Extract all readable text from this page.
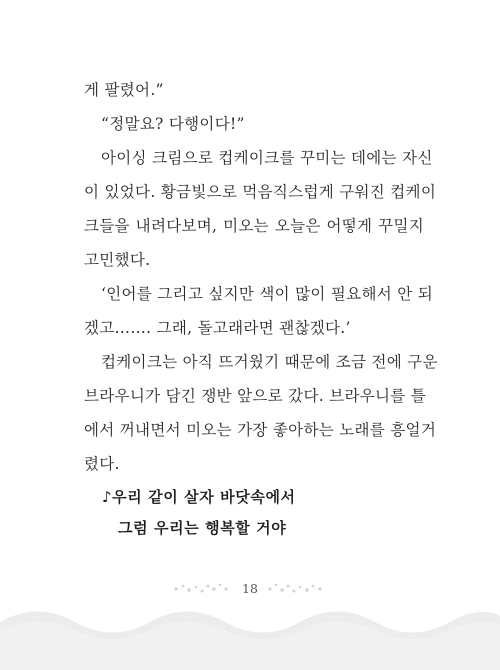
게 팔렸어.”
“정말요? 다행이다!”
아이싱 크림으로 컵케이크를 꾸미는 데에는 자신
이 있었다. 황금빛으로 먹음직스럽게 구워진 컵케이
크들을 내려다보며, 미오는 오늘은 어떻게 꾸밀지
고민했다.
‘인어를 그리고 싶지만 색이 많이 필요해서 안 되
겠고……. 그래, 돌고래라면 괜찮겠다.’
컵케이크는 아직 뜨거웠기 때문에 조금 전에 구운
브라우니가 담긴 쟁반 앞으로 갔다. 브라우니를 틀
에서 꺼내면서 미오는 가장 좋아하는 노래를 흥얼거
렸다.
♪우리 같이 살자 바닷속에서
그럼 우리는 행복할 거야
18
